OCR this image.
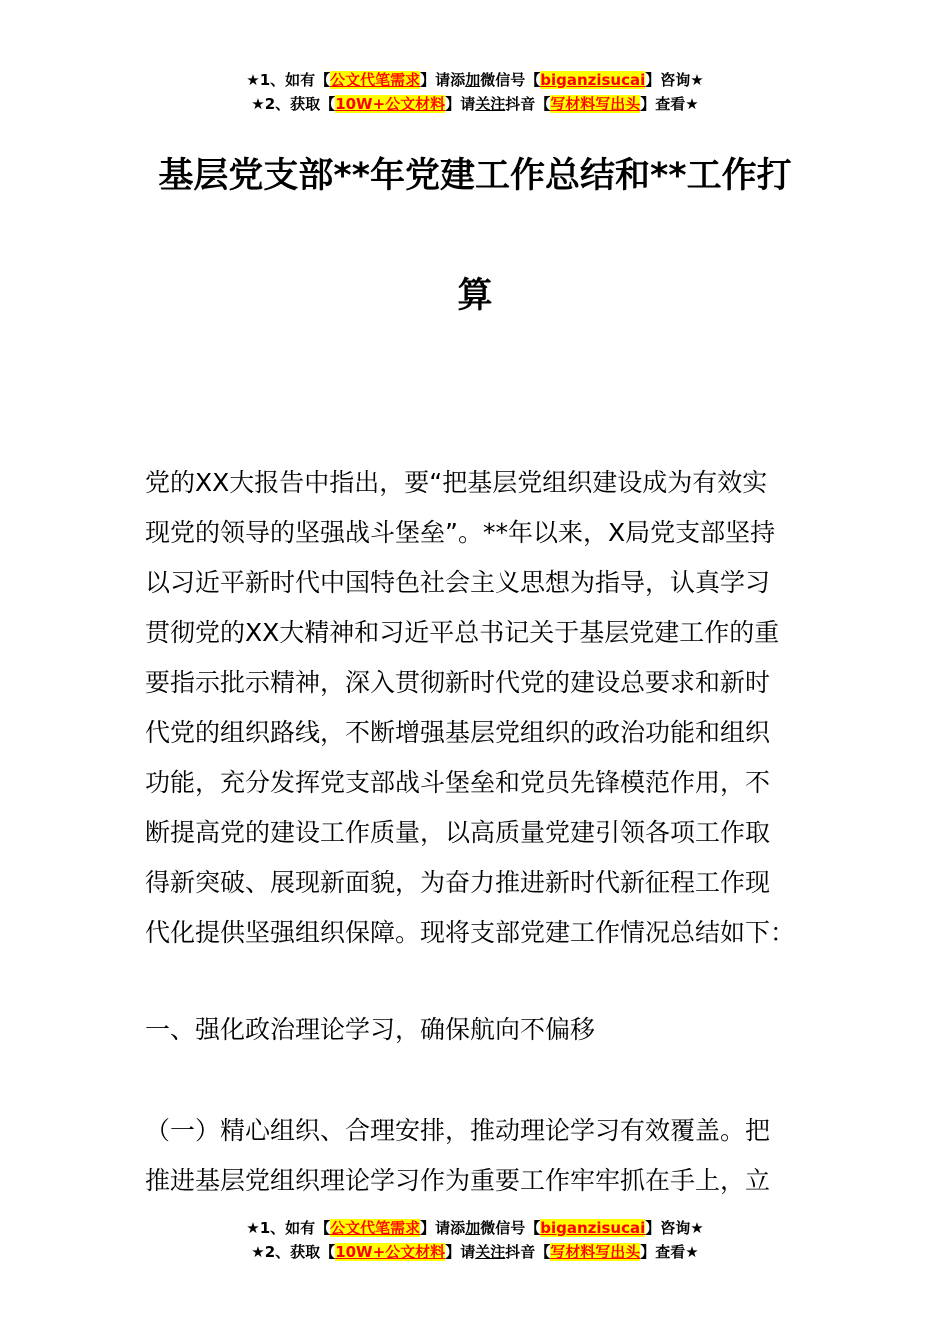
★1、如有【公文代笔需求】请添加微信号【biganzisucai】咨询★
★2、获取【10W+公文材料】请关注抖音【写材料写出头】查看★
基层党支部**年党建工作总结和**工作打
算
党的XX大报告中指出，要“把基层党组织建设成为有效实
现党的领导的坚强战斗堡垒”。**年以来，X局党支部坚持
以习近平新时代中国特色社会主义思想为指导，认真学习
贯彻党的XX大精神和习近平总书记关于基层党建工作的重
要指示批示精神，深入贯彻新时代党的建设总要求和新时
代党的组织路线，不断增强基层党组织的政治功能和组织
功能，充分发挥党支部战斗堡垒和党员先锋模范作用，不
断提高党的建设工作质量，以高质量党建引领各项工作取
得新突破、展现新面貌，为奋力推进新时代新征程工作现
代化提供坚强组织保障。现将支部党建工作情况总结如下：
一、强化政治理论学习，确保航向不偏移
（一）精心组织、合理安排，推动理论学习有效覆盖。把
推进基层党组织理论学习作为重要工作牢牢抓在手上，立
★1、如有【公文代笔需求】请添加微信号【biganzisucai】咨询★
★2、获取【10W+公文材料】请关注抖音【写材料写出头】查看★
